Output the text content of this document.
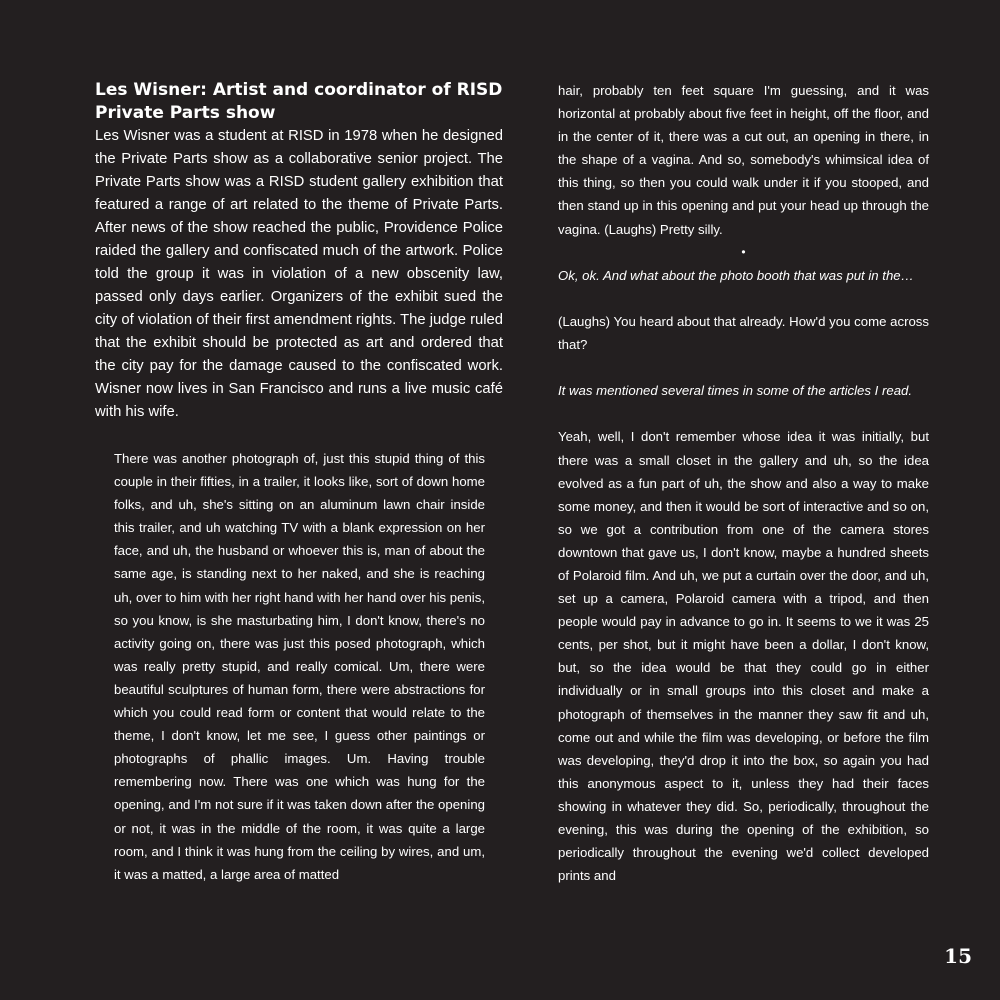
Les Wisner: Artist and coordinator of RISD Private Parts show

Les Wisner was a student at RISD in 1978 when he designed the Private Parts show as a collaborative senior project. The Private Parts show was a RISD student gallery exhibition that featured a range of art related to the theme of Private Parts. After news of the show reached the public, Providence Police raided the gallery and confiscated much of the artwork. Police told the group it was in violation of a new obscenity law, passed only days earlier. Organizers of the exhibit sued the city of violation of their first amendment rights. The judge ruled that the exhibit should be protected as art and ordered that the city pay for the damage caused to the confiscated work. Wisner now lives in San Francisco and runs a live music café with his wife.

There was another photograph of, just this stupid thing of this couple in their fifties, in a trailer, it looks like, sort of down home folks, and uh, she's sitting on an aluminum lawn chair inside this trailer, and uh watching TV with a blank expression on her face, and uh, the husband or whoever this is, man of about the same age, is standing next to her naked, and she is reaching uh, over to him with her right hand with her hand over his penis, so you know, is she masturbating him, I don't know, there's no activity going on, there was just this posed photograph, which was really pretty stupid, and really comical. Um, there were beautiful sculptures of human form, there were abstractions for which you could read form or content that would relate to the theme, I don't know, let me see, I guess other paintings or photographs of phallic images. Um. Having trouble remembering now. There was one which was hung for the opening, and I'm not sure if it was taken down after the opening or not, it was in the middle of the room, it was quite a large room, and I think it was hung from the ceiling by wires, and um, it was a matted, a large area of matted

hair, probably ten feet square I'm guessing, and it was horizontal at probably about five feet in height, off the floor, and in the center of it, there was a cut out, an opening in there, in the shape of a vagina. And so, somebody's whimsical idea of this thing, so then you could walk under it if you stooped, and then stand up in this opening and put your head up through the vagina. (Laughs) Pretty silly.

•

Ok, ok. And what about the photo booth that was put in the…

(Laughs) You heard about that already. How'd you come across that?

It was mentioned several times in some of the articles I read.

Yeah, well, I don't remember whose idea it was initially, but there was a small closet in the gallery and uh, so the idea evolved as a fun part of uh, the show and also a way to make some money, and then it would be sort of interactive and so on, so we got a contribution from one of the camera stores downtown that gave us, I don't know, maybe a hundred sheets of Polaroid film. And uh, we put a curtain over the door, and uh, set up a camera, Polaroid camera with a tripod, and then people would pay in advance to go in. It seems to we it was 25 cents, per shot, but it might have been a dollar, I don't know, but, so the idea would be that they could go in either individually or in small groups into this closet and make a photograph of themselves in the manner they saw fit and uh, come out and while the film was developing, or before the film was developing, they'd drop it into the box, so again you had this anonymous aspect to it, unless they had their faces showing in whatever they did. So, periodically, throughout the evening, this was during the opening of the exhibition, so periodically throughout the evening we'd collect developed prints and

15
